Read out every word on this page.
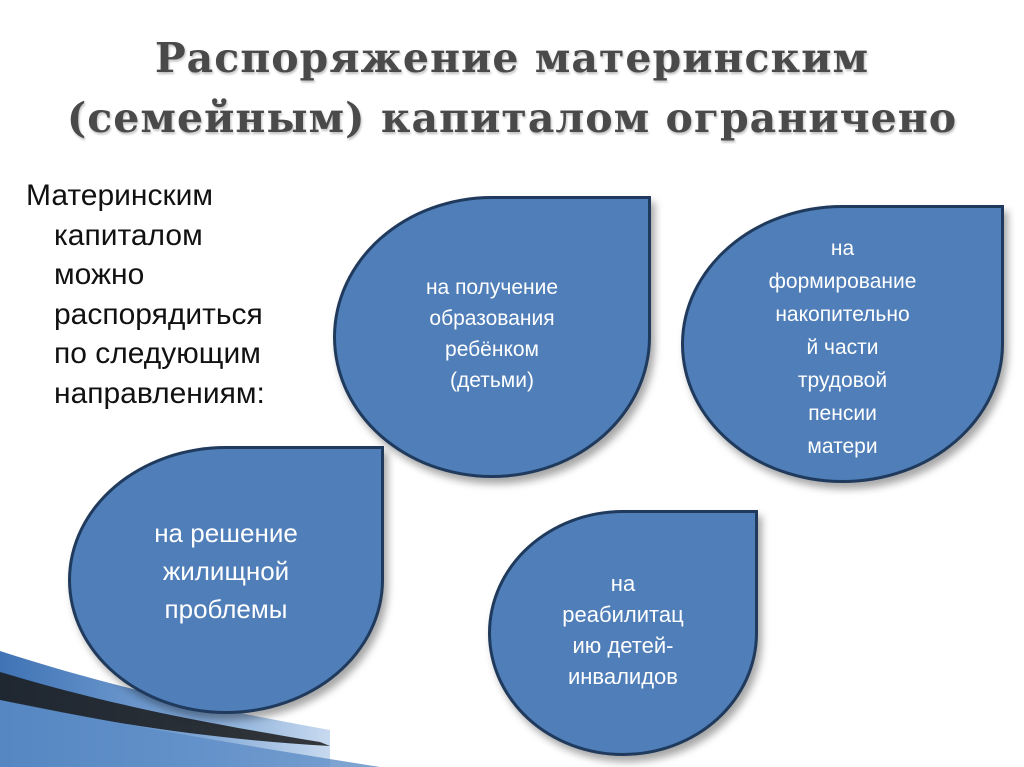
Распоряжение материнским
(семейным) капиталом ограничено
Материнским
капиталом
можно
распорядиться
по следующим
направлениям:
на получение
образования
ребёнком
(детьми)
на
формирование
накопительно
й части
трудовой
пенсии
матери
на решение
жилищной
проблемы
на
реабилитац
ию детей-
инвалидов
